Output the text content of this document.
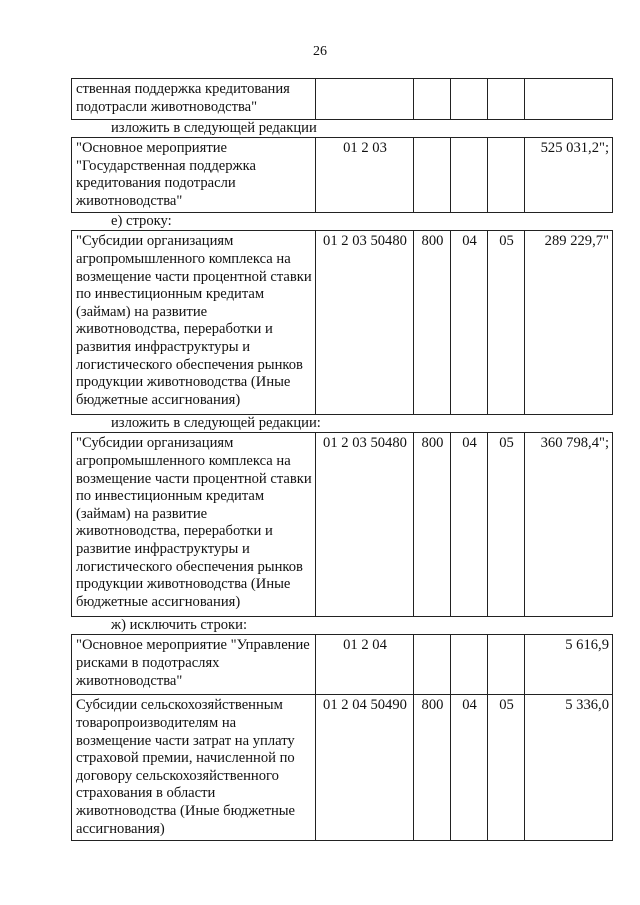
26
ственная поддержка кредитования подотрасли животноводства"					
изложить в следующей редакции
"Основное мероприятие "Государственная поддержка кредитования подотрасли животноводства"	01 2 03				525 031,2";
е) строку:
"Субсидии организациям агропромышленного комплекса на возмещение части процентной ставки по инвестиционным кредитам (займам) на развитие животноводства, переработки и развития инфраструктуры и логистического обеспечения рынков продукции животноводства (Иные бюджетные ассигнования)	01 2 03 50480	800	04	05	289 229,7"
изложить в следующей редакции:
"Субсидии организациям агропромышленного комплекса на возмещение части процентной ставки по инвестиционным кредитам (займам) на развитие животноводства, переработки и развитие инфраструктуры и логистического обеспечения рынков продукции животноводства (Иные бюджетные ассигнования)	01 2 03 50480	800	04	05	360 798,4";
ж) исключить строки:
"Основное мероприятие "Управление рисками в подотраслях животноводства"	01 2 04				5 616,9
Субсидии сельскохозяйственным товаропроизводителям на возмещение части затрат на уплату страховой премии, начисленной по договору сельскохозяйственного страхования в области животноводства (Иные бюджетные ассигнования)	01 2 04 50490	800	04	05	5 336,0
